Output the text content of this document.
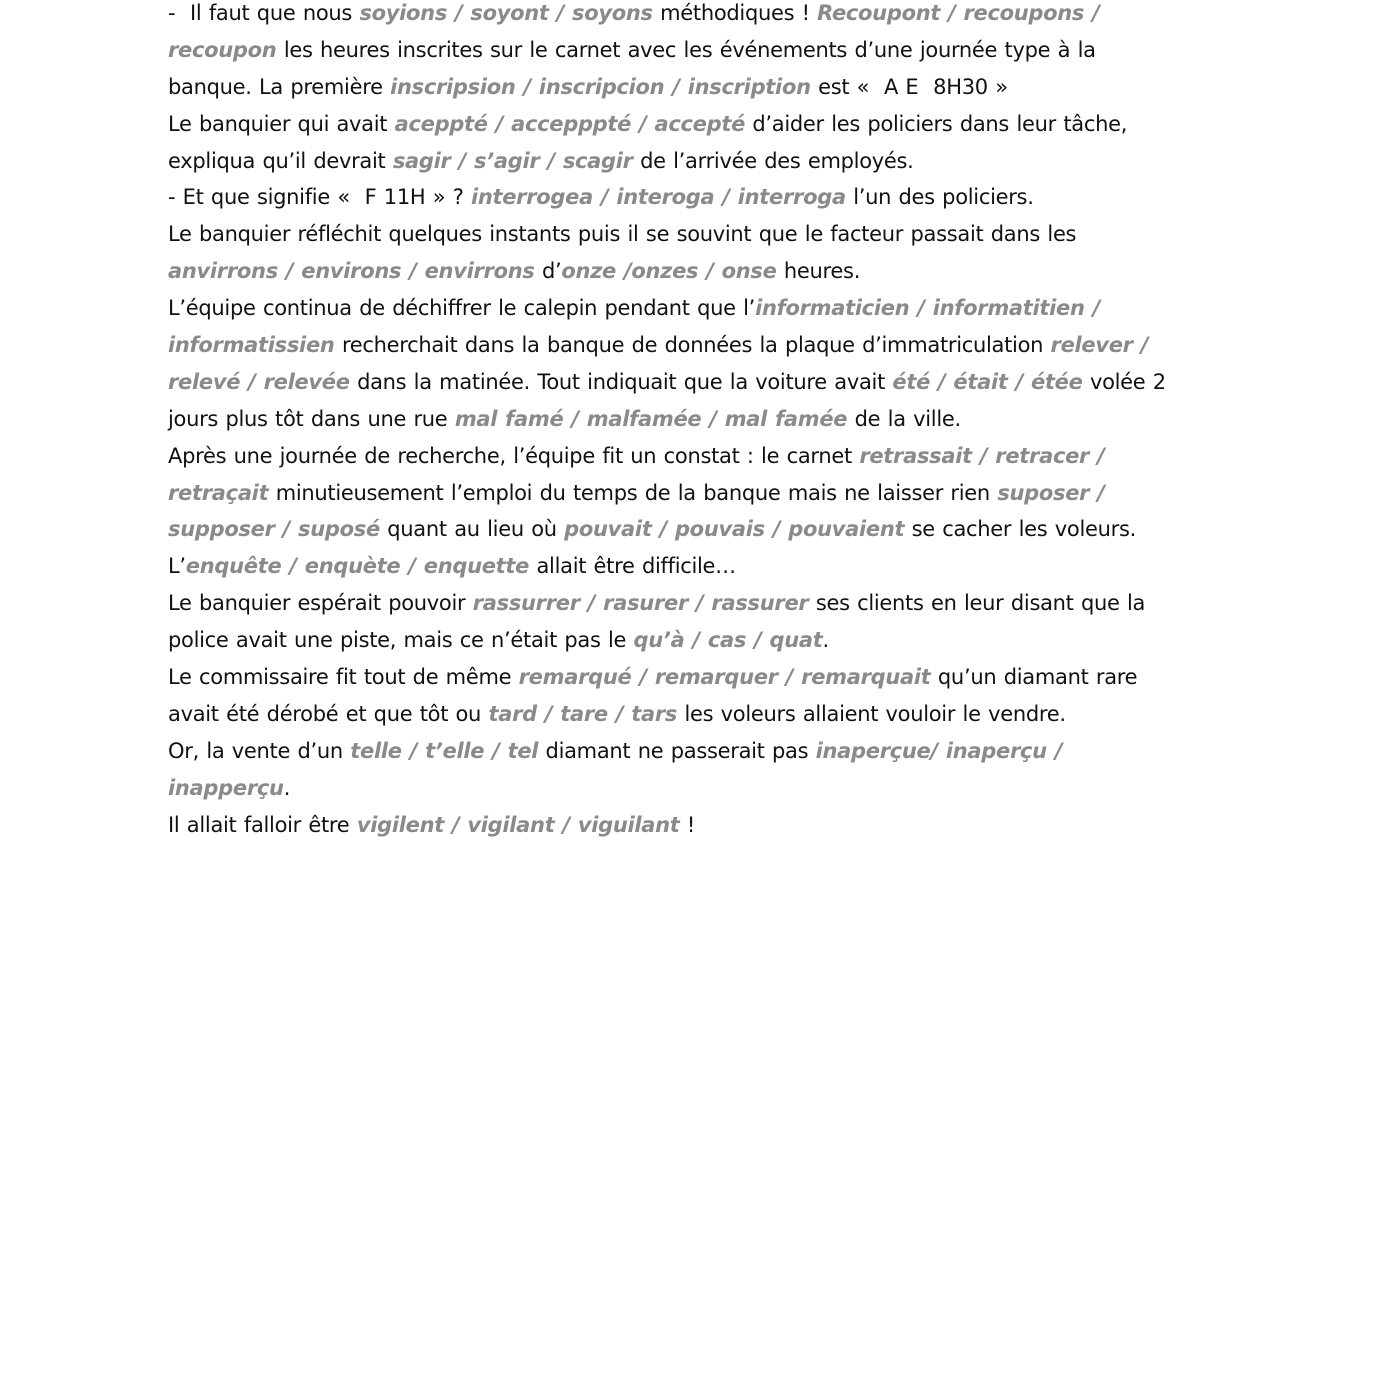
-  Il faut que nous soyions / soyont / soyons méthodiques ! Recoupont / recoupons /
recoupon les heures inscrites sur le carnet avec les événements d’une journée type à la
banque. La première inscripsion / inscripcion / inscription est «  A E  8H30 »
Le banquier qui avait aceppté / accepppté / accepté d’aider les policiers dans leur tâche,
expliqua qu’il devrait sagir / s’agir / scagir de l’arrivée des employés.
- Et que signifie «  F 11H » ? interrogea / interoga / interroga l’un des policiers.
Le banquier réfléchit quelques instants puis il se souvint que le facteur passait dans les
anvirrons / environs / envirrons d’onze /onzes / onse heures.
L’équipe continua de déchiffrer le calepin pendant que l’informaticien / informatitien /
informatissien recherchait dans la banque de données la plaque d’immatriculation relever /
relevé / relevée dans la matinée. Tout indiquait que la voiture avait été / était / étée volée 2
jours plus tôt dans une rue mal famé / malfamée / mal famée de la ville.
Après une journée de recherche, l’équipe fit un constat : le carnet retrassait / retracer /
retraçait minutieusement l’emploi du temps de la banque mais ne laisser rien suposer /
supposer / suposé quant au lieu où pouvait / pouvais / pouvaient se cacher les voleurs.
L’enquête / enquète / enquette allait être difficile…
Le banquier espérait pouvoir rassurrer / rasurer / rassurer ses clients en leur disant que la
police avait une piste, mais ce n’était pas le qu’à / cas / quat.
Le commissaire fit tout de même remarqué / remarquer / remarquait qu’un diamant rare
avait été dérobé et que tôt ou tard / tare / tars les voleurs allaient vouloir le vendre.
Or, la vente d’un telle / t’elle / tel diamant ne passerait pas inaperçue/ inaperçu /
inapperçu.
Il allait falloir être vigilent / vigilant / viguilant !
